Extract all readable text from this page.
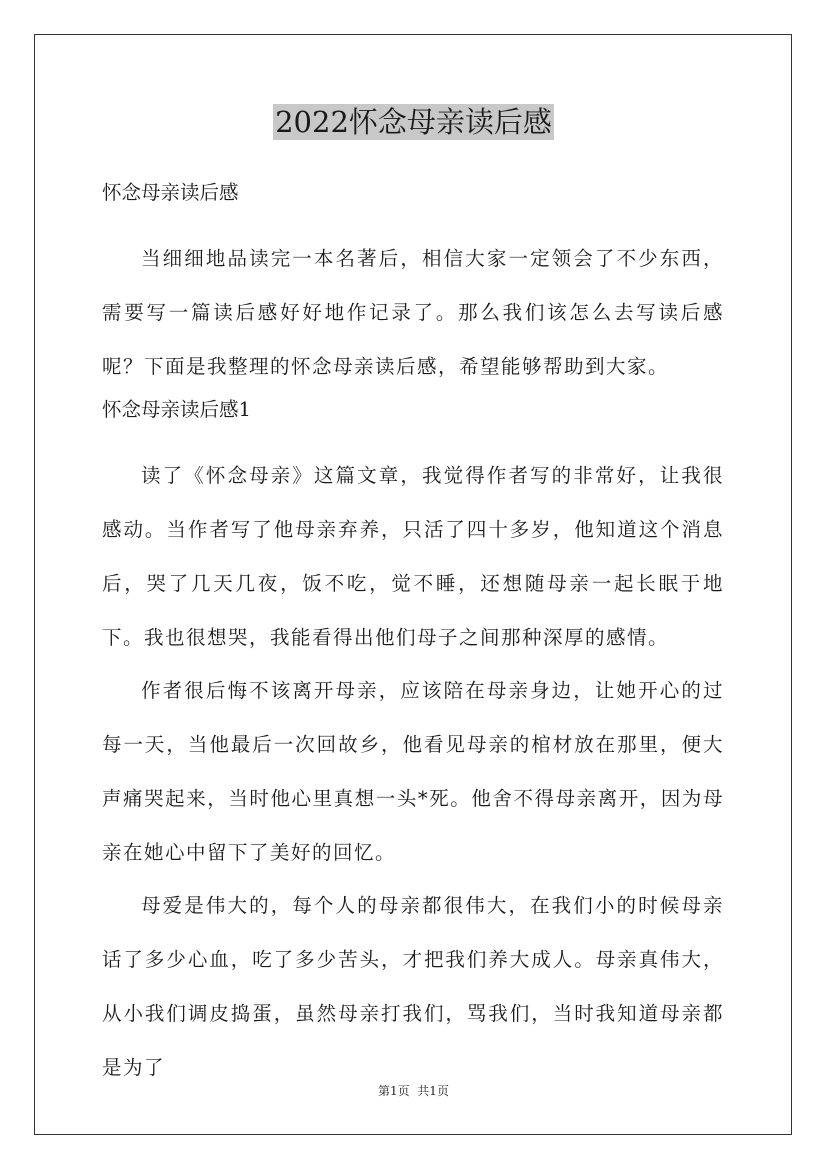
2022怀念母亲读后感
怀念母亲读后感

当细细地品读完一本名著后，相信大家一定领会了不少东西，需要写一篇读后感好好地作记录了。那么我们该怎么去写读后感呢？下面是我整理的怀念母亲读后感，希望能够帮助到大家。

怀念母亲读后感1

读了《怀念母亲》这篇文章，我觉得作者写的非常好，让我很感动。当作者写了他母亲弃养，只活了四十多岁，他知道这个消息后，哭了几天几夜，饭不吃，觉不睡，还想随母亲一起长眠于地下。我也很想哭，我能看得出他们母子之间那种深厚的感情。

作者很后悔不该离开母亲，应该陪在母亲身边，让她开心的过每一天，当他最后一次回故乡，他看见母亲的棺材放在那里，便大声痛哭起来，当时他心里真想一头*死。他舍不得母亲离开，因为母亲在她心中留下了美好的回忆。

母爱是伟大的，每个人的母亲都很伟大，在我们小的时候母亲话了多少心血，吃了多少苦头，才把我们养大成人。母亲真伟大，从小我们调皮捣蛋，虽然母亲打我们，骂我们，当时我知道母亲都是为了

第1页  共1页
